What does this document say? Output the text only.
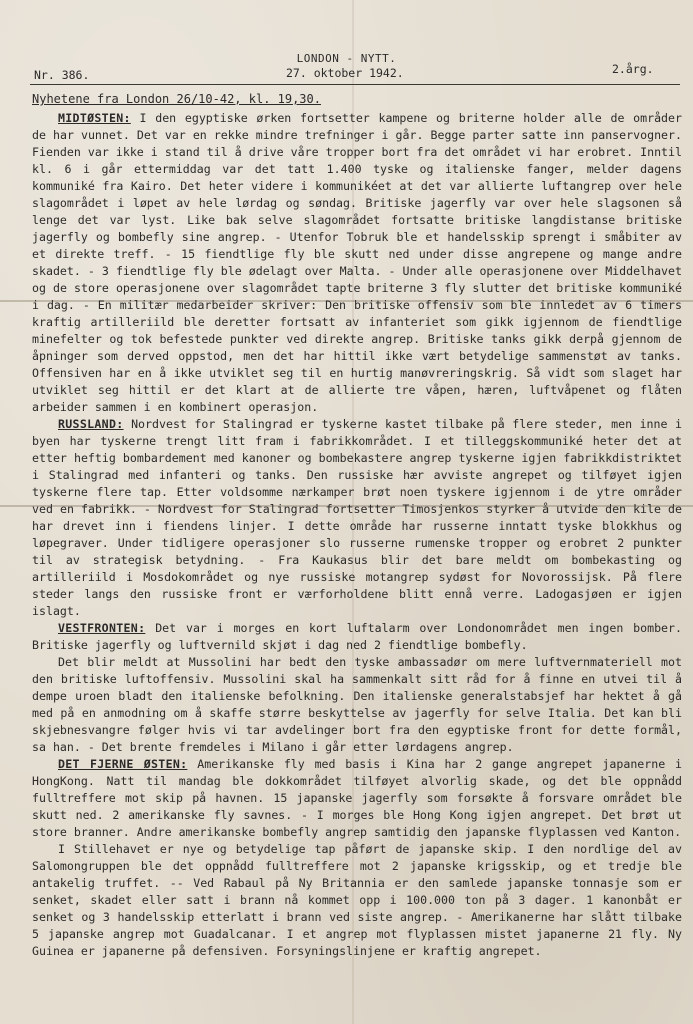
LONDON - NYTT.
Nr. 386.	27. oktober 1942.	2.årg.
Nyhetene fra London 26/10-42, kl. 19,30.

MIDTØSTEN: I den egyptiske ørken fortsetter kampene og briterne holder alle de områder de har vunnet. Det var en rekke mindre trefninger i går. Begge parter satte inn panservogner. Fienden var ikke i stand til å drive våre tropper bort fra det området vi har erobret. Inntil kl. 6 i går ettermiddag var det tatt 1.400 tyske og italienske fanger, melder dagens kommuniké fra Kairo. Det heter videre i kommunikéet at det var allierte luftangrep over hele slagområdet i løpet av hele lørdag og søndag. Britiske jagerfly var over hele slagsonen så lenge det var lyst. Like bak selve slagområdet fortsatte britiske langdistanse britiske jagerfly og bombefly sine angrep. - Utenfor Tobruk ble et handelsskip sprengt i småbiter av et direkte treff. - 15 fiendtlige fly ble skutt ned under disse angrepene og mange andre skadet. - 3 fiendtlige fly ble ødelagt over Malta. - Under alle operasjonene over Middelhavet og de store operasjonene over slagområdet tapte briterne 3 fly slutter det britiske kommuniké i dag. - En militær medarbeider skriver: Den britiske offensiv som ble innledet av 6 timers kraftig artilleriild ble deretter fortsatt av infanteriet som gikk igjennom de fiendtlige minefelter og tok befestede punkter ved direkte angrep. Britiske tanks gikk derpå gjennom de åpninger som derved oppstod, men det har hittil ikke vært betydelige sammenstøt av tanks. Offensiven har en å ikke utviklet seg til en hurtig manøvreringskrig. Så vidt som slaget har utviklet seg hittil er det klart at de allierte tre våpen, hæren, luftvåpenet og flåten arbeider sammen i en kombinert operasjon.

RUSSLAND: Nordvest for Stalingrad er tyskerne kastet tilbake på flere steder, men inne i byen har tyskerne trengt litt fram i fabrikkområdet. I et tilleggskommuniké heter det at etter heftig bombardement med kanoner og bombekastere angrep tyskerne igjen fabrikkdistriktet i Stalingrad med infanteri og tanks. Den russiske hær avviste angrepet og tilføyet igjen tyskerne flere tap. Etter voldsomme nærkamper brøt noen tyskere igjennom i de ytre områder ved en fabrikk. - Nordvest for Stalingrad fortsetter Timosjenkos styrker å utvide den kile de har drevet inn i fiendens linjer. I dette område har russerne inntatt tyske blokkhus og løpegraver. Under tidligere operasjoner slo russerne rumenske tropper og erobret 2 punkter til av strategisk betydning. - Fra Kaukasus blir det bare meldt om bombekasting og artilleriild i Mosdokområdet og nye russiske motangrep sydøst for Novorossijsk. På flere steder langs den russiske front er værforholdene blitt ennå verre. Ladogasjøen er igjen islagt.

VESTFRONTEN: Det var i morges en kort luftalarm over Londonområdet men ingen bomber. Britiske jagerfly og luftvernild skjøt i dag ned 2 fiendtlige bombefly.

Det blir meldt at Mussolini har bedt den tyske ambassadør om mere luftvernmateriell mot den britiske luftoffensiv. Mussolini skal ha sammenkalt sitt råd for å finne en utvei til å dempe uroen bladt den italienske befolkning. Den italienske generalstabsjef har hektet å gå med på en anmodning om å skaffe større beskyttelse av jagerfly for selve Italia. Det kan bli skjebnesvangre følger hvis vi tar avdelinger bort fra den egyptiske front for dette formål, sa han. - Det brente fremdeles i Milano i går etter lørdagens angrep.

DET FJERNE ØSTEN: Amerikanske fly med basis i Kina har 2 gange angrepet japanerne i HongKong. Natt til mandag ble dokkområdet tilføyet alvorlig skade, og det ble oppnådd fulltreffere mot skip på havnen. 15 japanske jagerfly som forsøkte å forsvare området ble skutt ned. 2 amerikanske fly savnes. - I morges ble Hong Kong igjen angrepet. Det brøt ut store branner. Andre amerikanske bombefly angrep samtidig den japanske flyplassen ved Kanton.

I Stillehavet er nye og betydelige tap påført de japanske skip. I den nordlige del av Salomongruppen ble det oppnådd fulltreffere mot 2 japanske krigsskip, og et tredje ble antakelig truffet. -- Ved Rabaul på Ny Britannia er den samlede japanske tonnasje som er senket, skadet eller satt i brann nå kommet opp i 100.000 ton på 3 dager. 1 kanonbåt er senket og 3 handelsskip etterlatt i brann ved siste angrep. - Amerikanerne har slått tilbake 5 japanske angrep mot Guadalcanar. I et angrep mot flyplassen mistet japanerne 21 fly. Ny Guinea er japanerne på defensiven. Forsyningslinjene er kraftig angrepet.
